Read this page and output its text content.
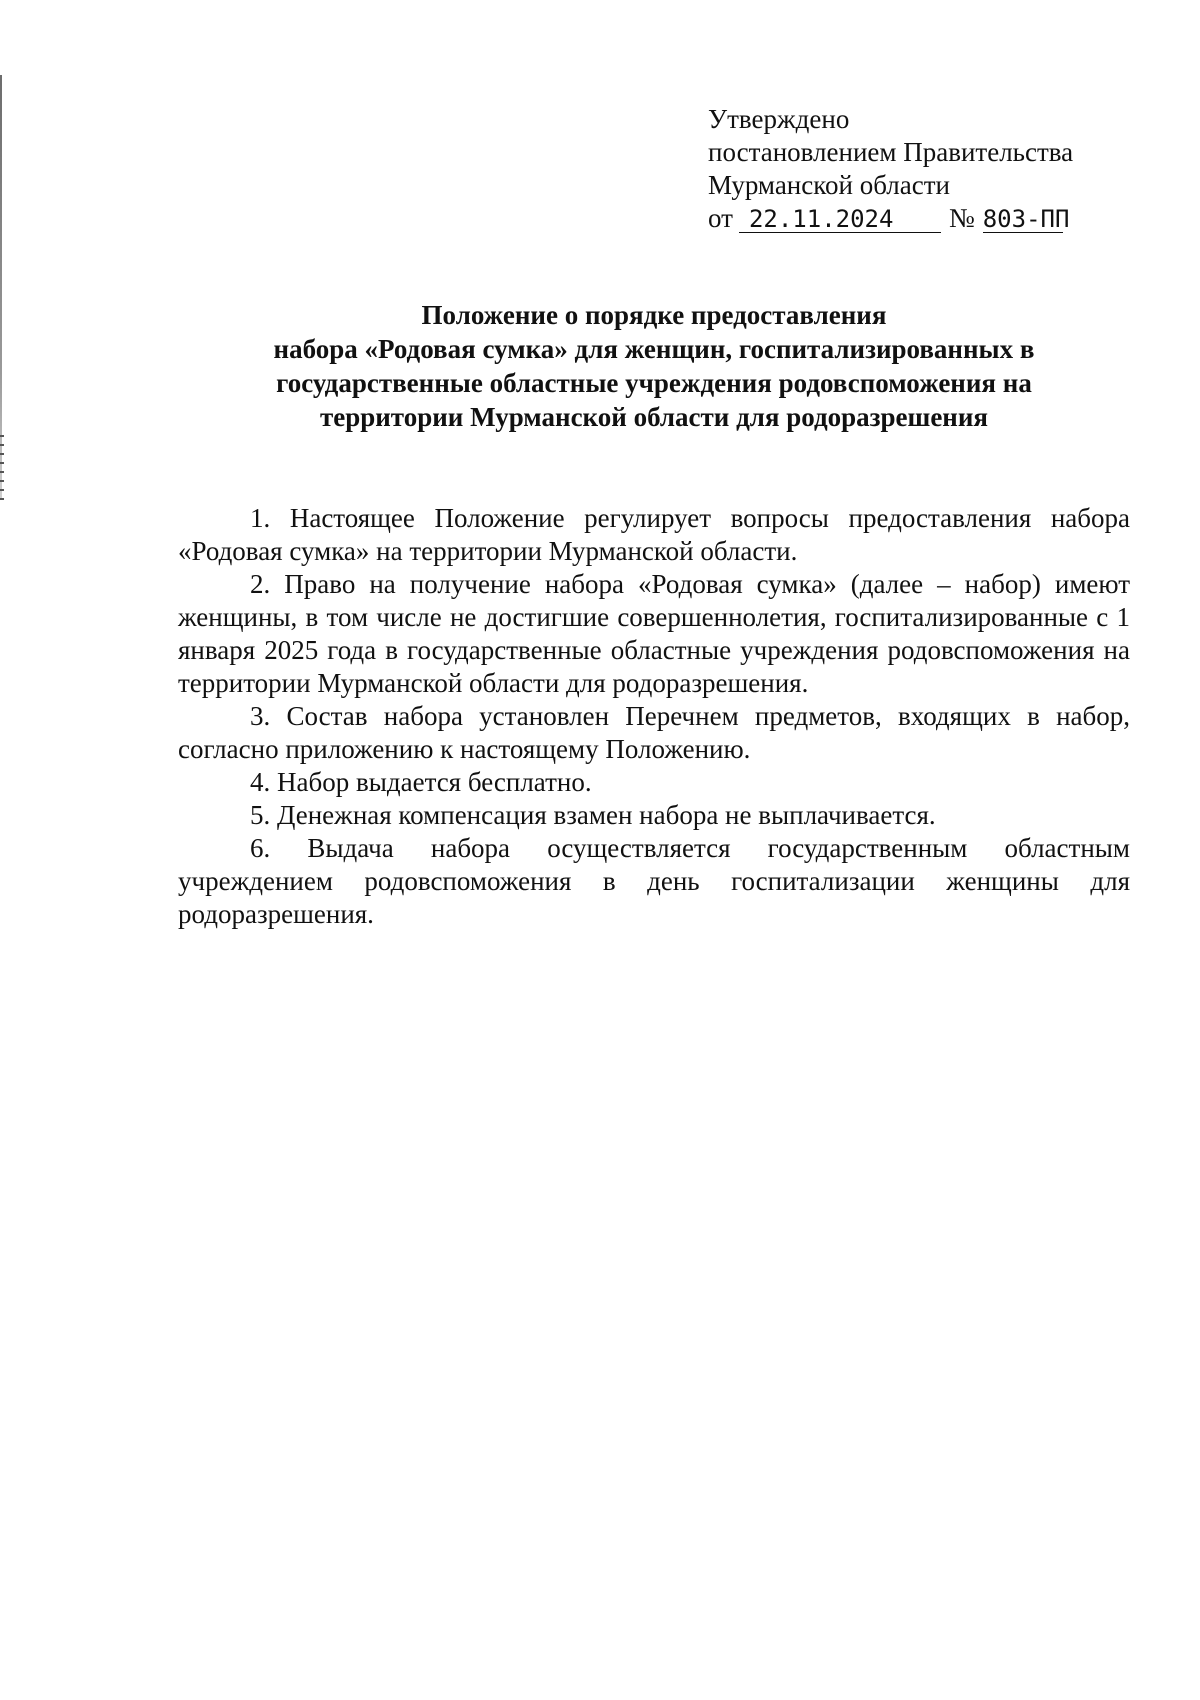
Утверждено
постановлением Правительства
Мурманской области
от 22.11.2024 № 803-ПП
Положение о порядке предоставления
набора «Родовая сумка» для женщин, госпитализированных в
государственные областные учреждения родовспоможения на
территории Мурманской области для родоразрешения

1. Настоящее Положение регулирует вопросы предоставления набора «Родовая сумка» на территории Мурманской области.

2. Право на получение набора «Родовая сумка» (далее – набор) имеют женщины, в том числе не достигшие совершеннолетия, госпитализированные с 1 января 2025 года в государственные областные учреждения родовспоможения на территории Мурманской области для родоразрешения.

3. Состав набора установлен Перечнем предметов, входящих в набор, согласно приложению к настоящему Положению.

4. Набор выдается бесплатно.

5. Денежная компенсация взамен набора не выплачивается.

6. Выдача набора осуществляется государственным областным учреждением родовспоможения в день госпитализации женщины для родоразрешения.
